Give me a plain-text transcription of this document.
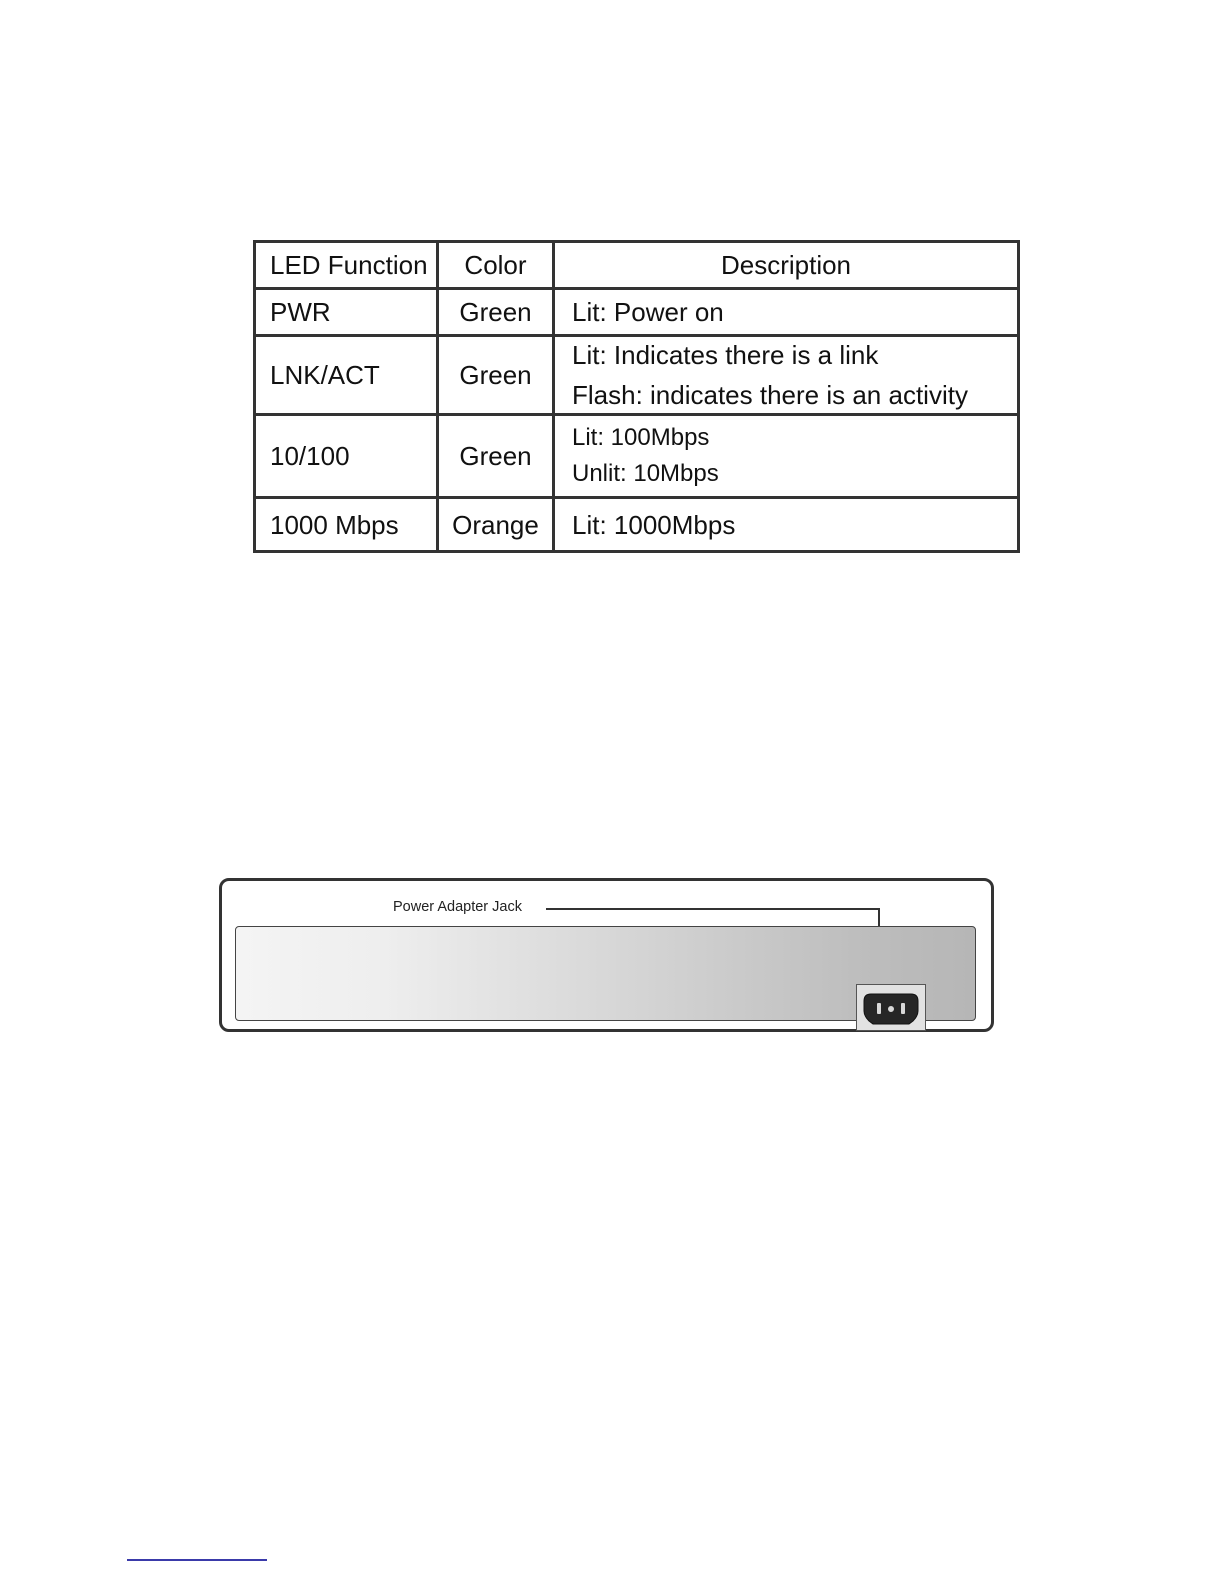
LED Function	Color	Description
PWR	Green	Lit: Power on

LNK/ACT	Green	Lit: Indicates there is a link
Flash: indicates there is an activity

10/100	Green	Lit: 100Mbps
Unlit: 10Mbps

1000 Mbps	Orange	Lit: 1000Mbps
Power Adapter Jack
